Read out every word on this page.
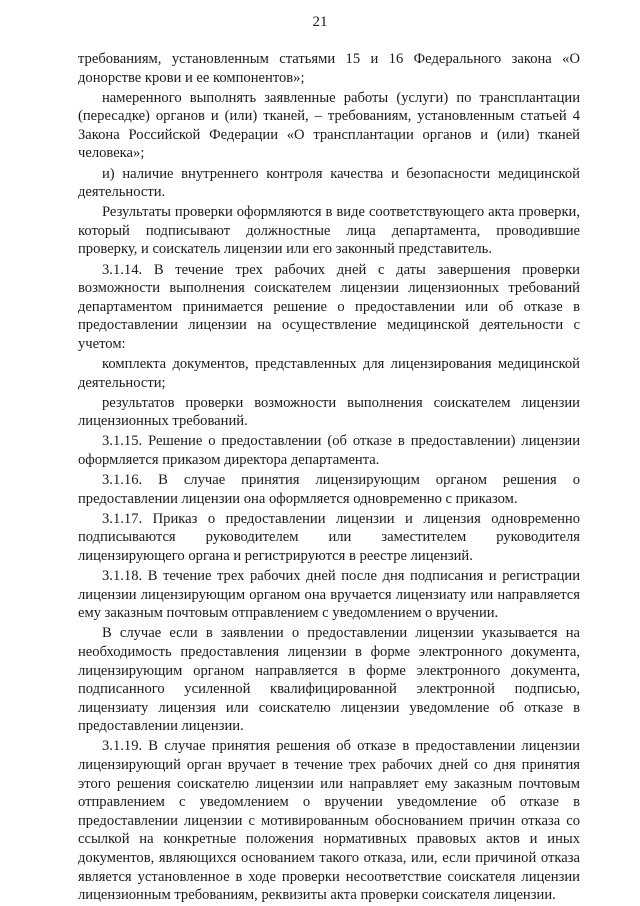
21

требованиям, установленным статьями 15 и 16 Федерального закона «О донорстве крови и ее компонентов»;

намеренного выполнять заявленные работы (услуги) по трансплантации (пересадке) органов и (или) тканей, – требованиям, установленным статьей 4 Закона Российской Федерации «О трансплантации органов и (или) тканей человека»;

и) наличие внутреннего контроля качества и безопасности медицинской деятельности.

Результаты проверки оформляются в виде соответствующего акта проверки, который подписывают должностные лица департамента, проводившие проверку, и соискатель лицензии или его законный представитель.

3.1.14. В течение трех рабочих дней с даты завершения проверки возможности выполнения соискателем лицензии лицензионных требований департаментом принимается решение о предоставлении или об отказе в предоставлении лицензии на осуществление медицинской деятельности с учетом:

комплекта документов, представленных для лицензирования медицинской деятельности;

результатов проверки возможности выполнения соискателем лицензии лицензионных требований.

3.1.15. Решение о предоставлении (об отказе в предоставлении) лицензии оформляется приказом директора департамента.

3.1.16. В случае принятия лицензирующим органом решения о предоставлении лицензии она оформляется одновременно с приказом.

3.1.17. Приказ о предоставлении лицензии и лицензия одновременно подписываются руководителем или заместителем руководителя лицензирующего органа и регистрируются в реестре лицензий.

3.1.18. В течение трех рабочих дней после дня подписания и регистрации лицензии лицензирующим органом она вручается лицензиату или направляется ему заказным почтовым отправлением с уведомлением о вручении.

В случае если в заявлении о предоставлении лицензии указывается на необходимость предоставления лицензии в форме электронного документа, лицензирующим органом направляется в форме электронного документа, подписанного усиленной квалифицированной электронной подписью, лицензиату лицензия или соискателю лицензии уведомление об отказе в предоставлении лицензии.

3.1.19. В случае принятия решения об отказе в предоставлении лицензии лицензирующий орган вручает в течение трех рабочих дней со дня принятия этого решения соискателю лицензии или направляет ему заказным почтовым отправлением с уведомлением о вручении уведомление об отказе в предоставлении лицензии с мотивированным обоснованием причин отказа со ссылкой на конкретные положения нормативных правовых актов и иных документов, являющихся основанием такого отказа, или, если причиной отказа является установленное в ходе проверки несоответствие соискателя лицензии лицензионным требованиям, реквизиты акта проверки соискателя лицензии.
